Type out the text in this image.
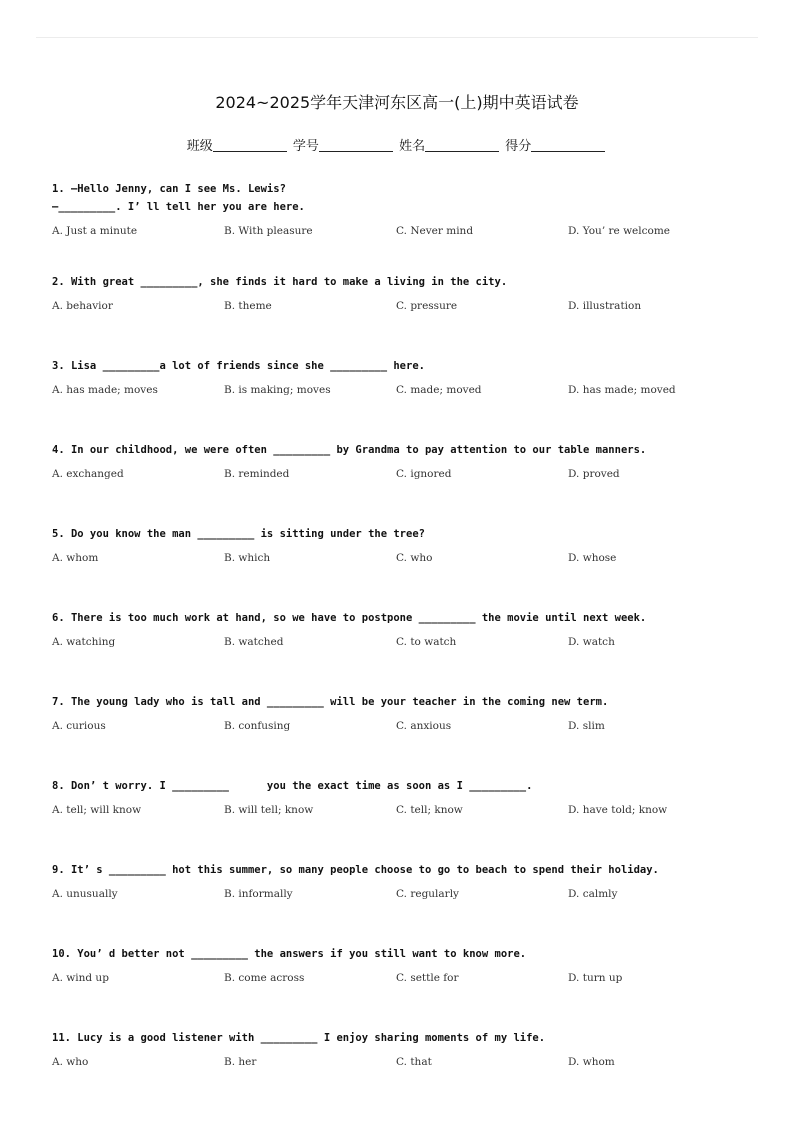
2024~2025学年天津河东区高一(上)期中英语试卷
班级	学号	姓名	得分
1. —Hello Jenny, can I see Ms. Lewis?
—_________. I’ ll tell her you are here.
A. Just a minute	B. With pleasure	C. Never mind	D. You’ re welcome
2. With great _________, she finds it hard to make a living in the city.
A. behavior	B. theme	C. pressure	D. illustration
3. Lisa _________a lot of friends since she _________ here.
A. has made; moves	B. is making; moves	C. made; moved	D. has made; moved
4. In our childhood, we were often _________ by Grandma to pay attention to our table manners.
A. exchanged	B. reminded	C. ignored	D. proved
5. Do you know the man _________ is sitting under the tree?
A. whom	B. which	C. who	D. whose
6. There is too much work at hand, so we have to postpone _________ the movie until next week.
A. watching	B. watched	C. to watch	D. watch
7. The young lady who is tall and _________ will be your teacher in the coming new term.
A. curious	B. confusing	C. anxious	D. slim
8. Don’ t worry. I _________      you the exact time as soon as I _________.
A. tell; will know	B. will tell; know	C. tell; know	D. have told; know
9. It’ s _________ hot this summer, so many people choose to go to beach to spend their holiday.
A. unusually	B. informally	C. regularly	D. calmly
10. You’ d better not _________ the answers if you still want to know more.
A. wind up	B. come across	C. settle for	D. turn up
11. Lucy is a good listener with _________ I enjoy sharing moments of my life.
A. who	B. her	C. that	D. whom
